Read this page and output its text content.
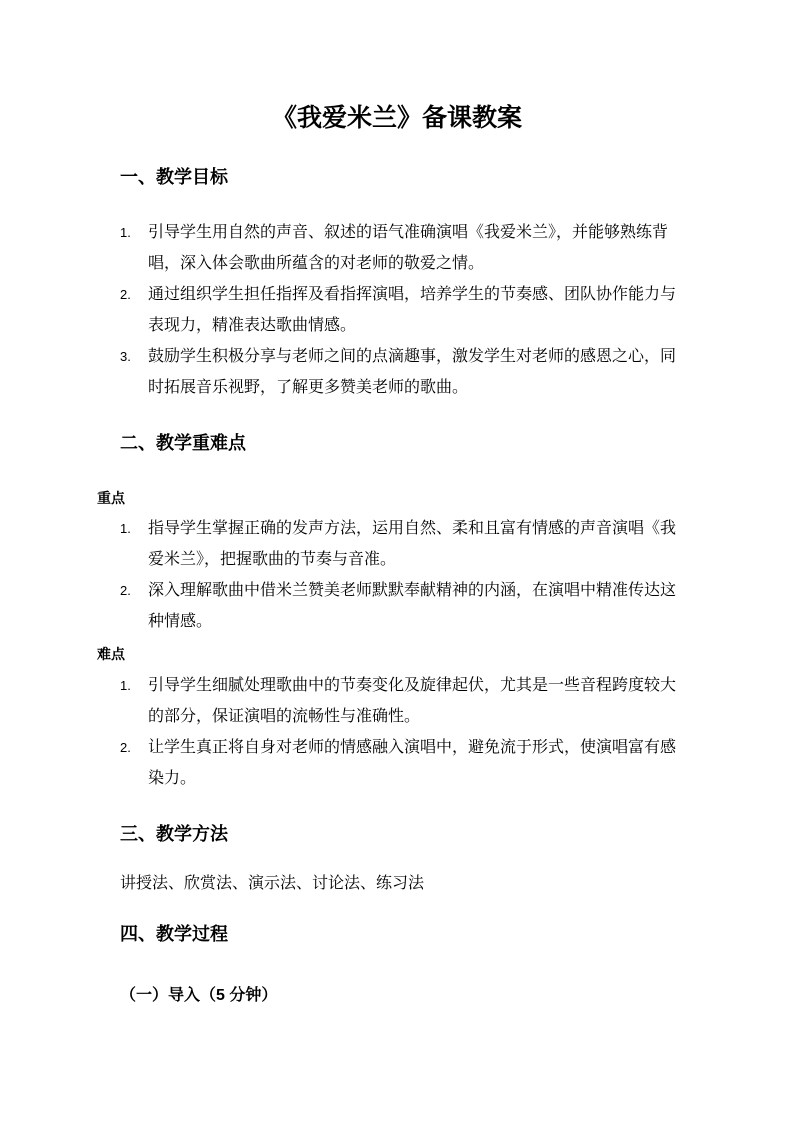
《我爱米兰》备课教案
一、教学目标
1. 引导学生用自然的声音、叙述的语气准确演唱《我爱米兰》，并能够熟练背
唱，深入体会歌曲所蕴含的对老师的敬爱之情。
2. 通过组织学生担任指挥及看指挥演唱，培养学生的节奏感、团队协作能力与
表现力，精准表达歌曲情感。
3. 鼓励学生积极分享与老师之间的点滴趣事，激发学生对老师的感恩之心，同
时拓展音乐视野，了解更多赞美老师的歌曲。
二、教学重难点
重点
1. 指导学生掌握正确的发声方法，运用自然、柔和且富有情感的声音演唱《我
爱米兰》，把握歌曲的节奏与音准。
2. 深入理解歌曲中借米兰赞美老师默默奉献精神的内涵，在演唱中精准传达这
种情感。
难点
1. 引导学生细腻处理歌曲中的节奏变化及旋律起伏，尤其是一些音程跨度较大
的部分，保证演唱的流畅性与准确性。
2. 让学生真正将自身对老师的情感融入演唱中，避免流于形式，使演唱富有感
染力。
三、教学方法
讲授法、欣赏法、演示法、讨论法、练习法
四、教学过程
（一）导入（5 分钟）
